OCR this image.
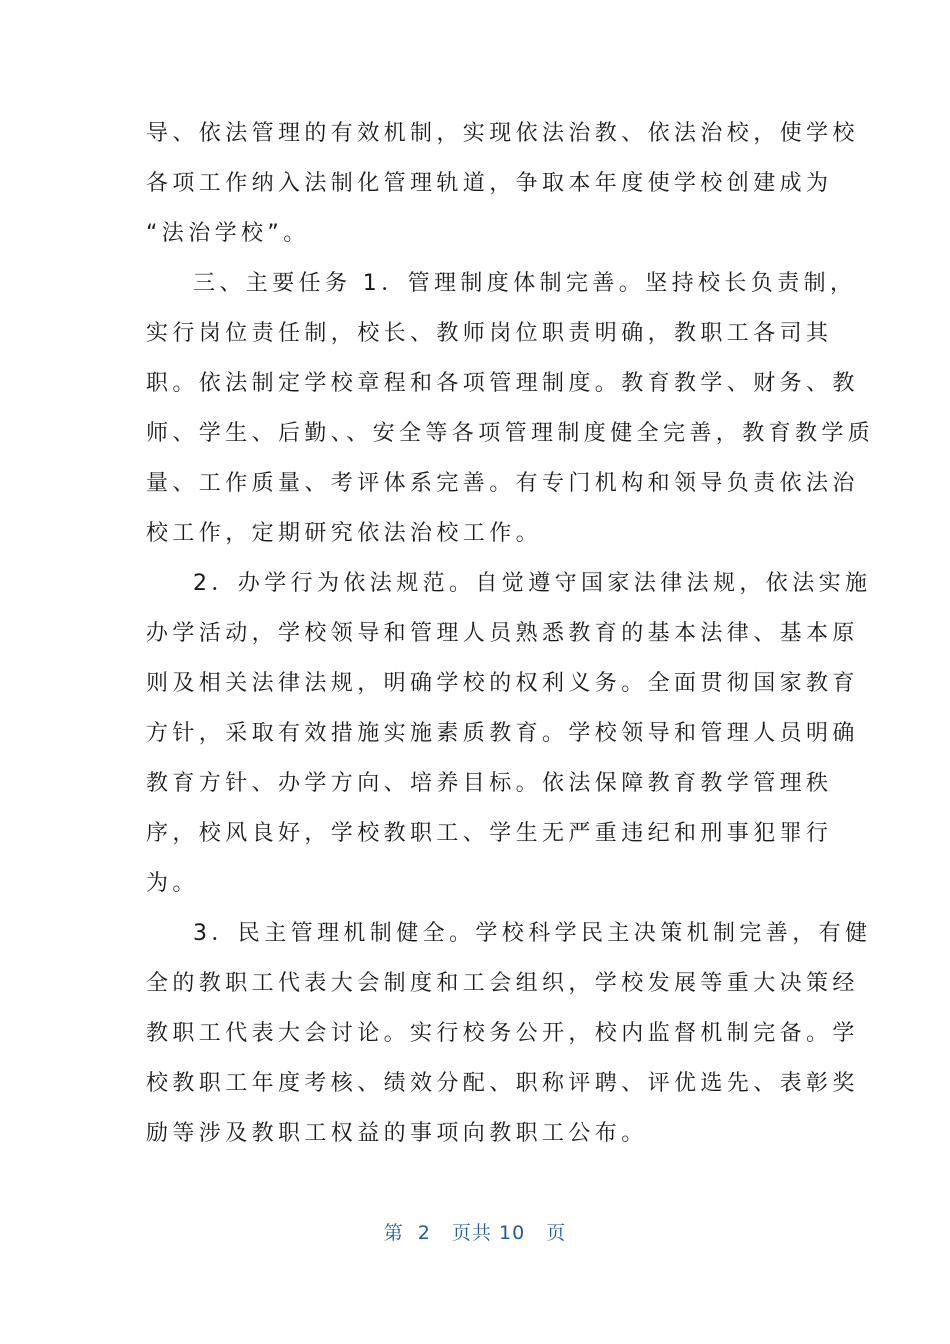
导、依法管理的有效机制，实现依法治教、依法治校，使学校
各项工作纳入法制化管理轨道，争取本年度使学校创建成为
“法治学校”。
三、主要任务 1．管理制度体制完善。坚持校长负责制，
实行岗位责任制，校长、教师岗位职责明确，教职工各司其
职。依法制定学校章程和各项管理制度。教育教学、财务、教
师、学生、后勤、、安全等各项管理制度健全完善，教育教学质
量、工作质量、考评体系完善。有专门机构和领导负责依法治
校工作，定期研究依法治校工作。
2．办学行为依法规范。自觉遵守国家法律法规，依法实施
办学活动，学校领导和管理人员熟悉教育的基本法律、基本原
则及相关法律法规，明确学校的权利义务。全面贯彻国家教育
方针，采取有效措施实施素质教育。学校领导和管理人员明确
教育方针、办学方向、培养目标。依法保障教育教学管理秩
序，校风良好，学校教职工、学生无严重违纪和刑事犯罪行
为。
3．民主管理机制健全。学校科学民主决策机制完善，有健
全的教职工代表大会制度和工会组织，学校发展等重大决策经
教职工代表大会讨论。实行校务公开，校内监督机制完备。学
校教职工年度考核、绩效分配、职称评聘、评优选先、表彰奖
励等涉及教职工权益的事项向教职工公布。
第  2   页共 10   页
